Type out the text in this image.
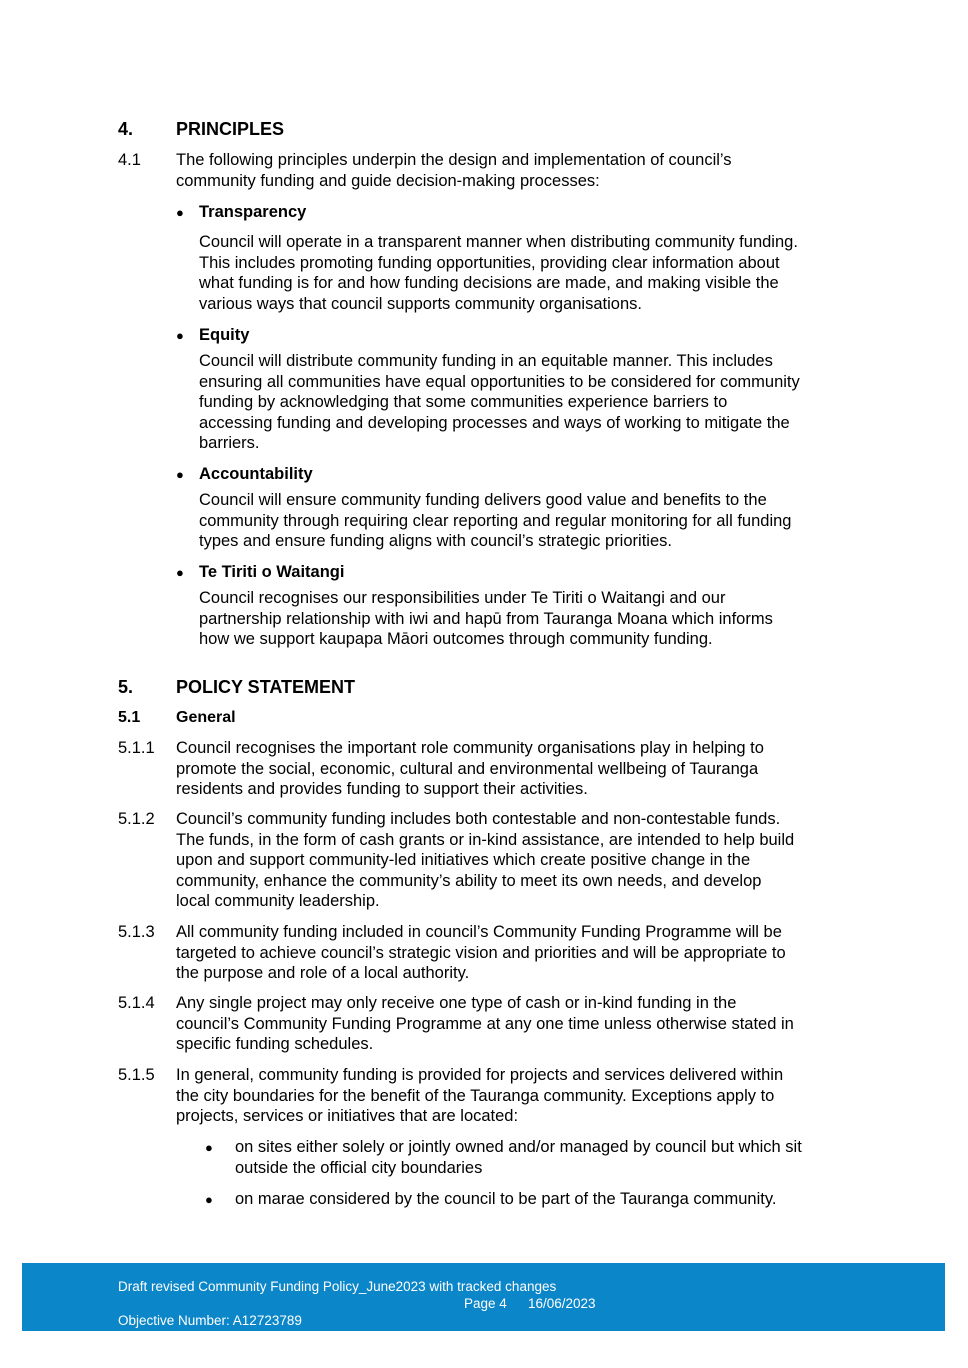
4. PRINCIPLES
4.1 The following principles underpin the design and implementation of council’s
community funding and guide decision-making processes:
● Transparency
Council will operate in a transparent manner when distributing community funding.
This includes promoting funding opportunities, providing clear information about
what funding is for and how funding decisions are made, and making visible the
various ways that council supports community organisations.
● Equity
Council will distribute community funding in an equitable manner. This includes
ensuring all communities have equal opportunities to be considered for community
funding by acknowledging that some communities experience barriers to
accessing funding and developing processes and ways of working to mitigate the
barriers.
● Accountability
Council will ensure community funding delivers good value and benefits to the
community through requiring clear reporting and regular monitoring for all funding
types and ensure funding aligns with council’s strategic priorities.
● Te Tiriti o Waitangi
Council recognises our responsibilities under Te Tiriti o Waitangi and our
partnership relationship with iwi and hapū from Tauranga Moana which informs
how we support kaupapa Māori outcomes through community funding.
5. POLICY STATEMENT
5.1 General
5.1.1 Council recognises the important role community organisations play in helping to
promote the social, economic, cultural and environmental wellbeing of Tauranga
residents and provides funding to support their activities.
5.1.2 Council’s community funding includes both contestable and non-contestable funds.
The funds, in the form of cash grants or in-kind assistance, are intended to help build
upon and support community-led initiatives which create positive change in the
community, enhance the community’s ability to meet its own needs, and develop
local community leadership.
5.1.3 All community funding included in council’s Community Funding Programme will be
targeted to achieve council’s strategic vision and priorities and will be appropriate to
the purpose and role of a local authority.
5.1.4 Any single project may only receive one type of cash or in-kind funding in the
council’s Community Funding Programme at any one time unless otherwise stated in
specific funding schedules.
5.1.5 In general, community funding is provided for projects and services delivered within
the city boundaries for the benefit of the Tauranga community. Exceptions apply to
projects, services or initiatives that are located:
● on sites either solely or jointly owned and/or managed by council but which sit
outside the official city boundaries
● on marae considered by the council to be part of the Tauranga community.
Draft revised Community Funding Policy_June2023 with tracked changes
Page 4 16/06/2023
Objective Number: A12723789
